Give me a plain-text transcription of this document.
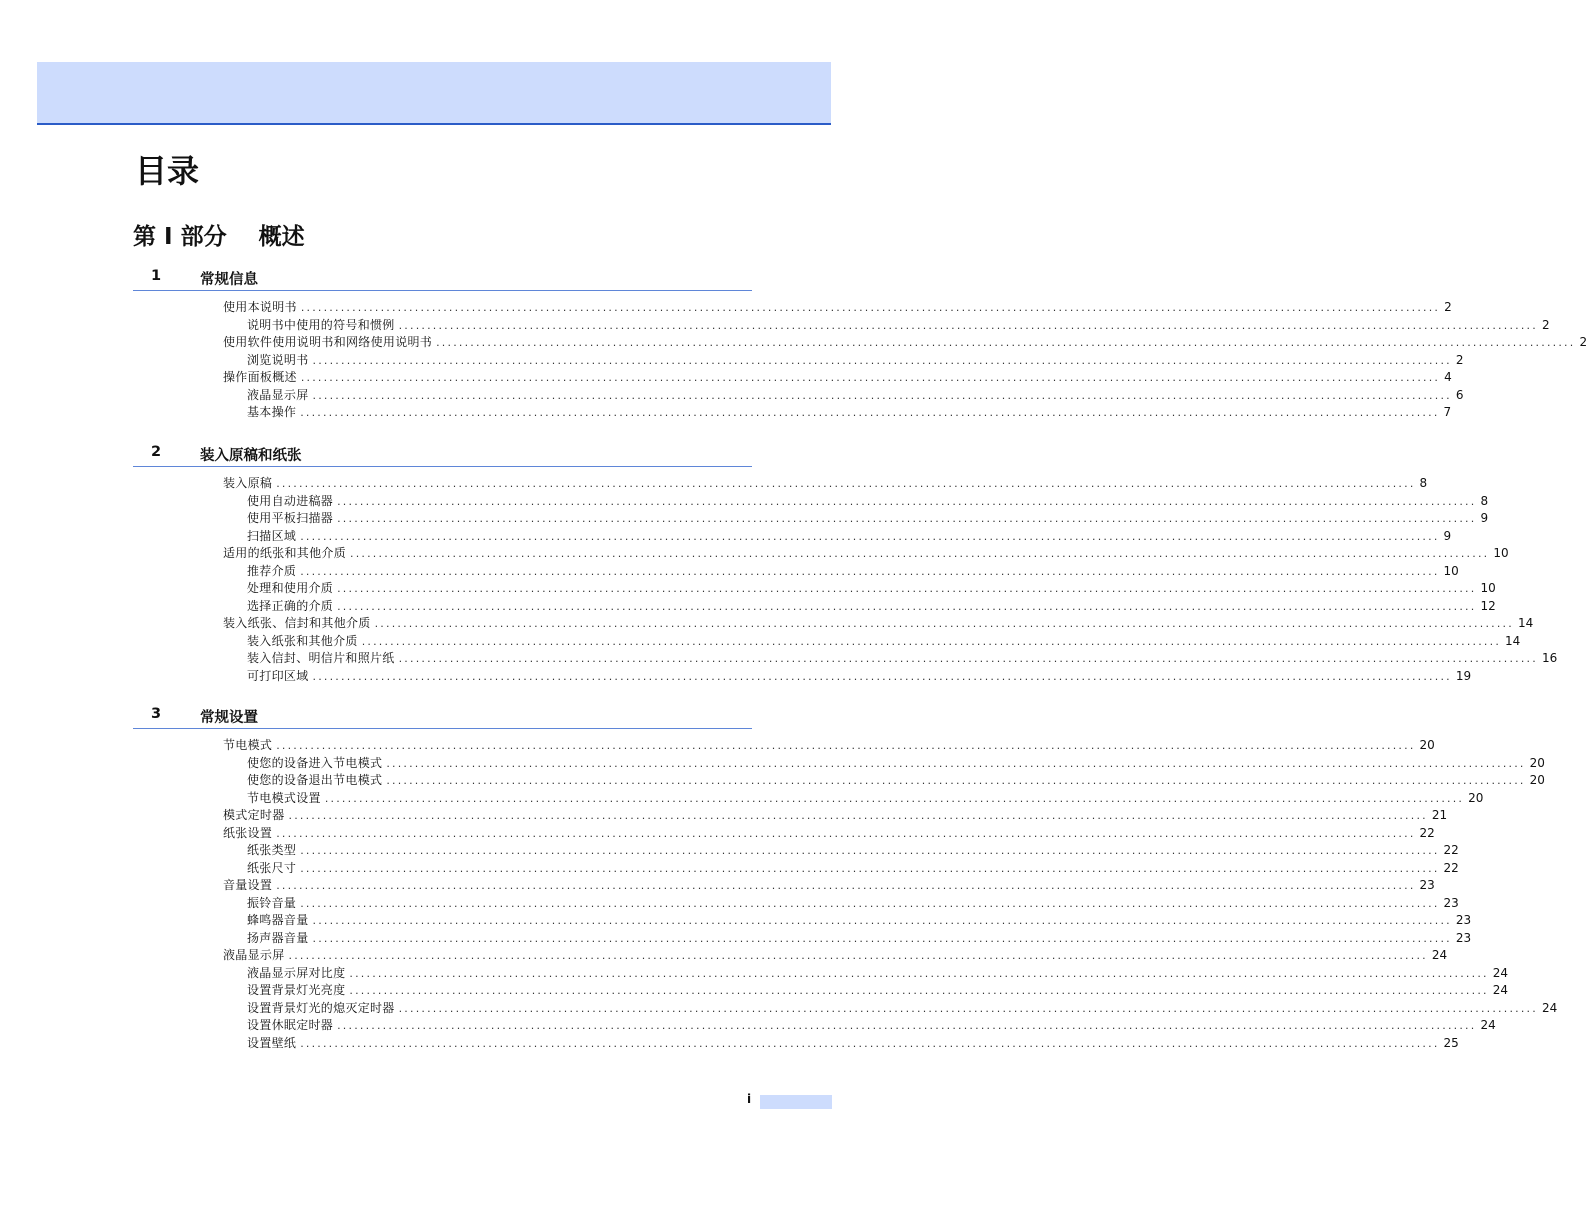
目录
第 I 部分    概述
1	常规信息
使用本说明书 ........................................................................................................................................................................................................ 2
说明书中使用的符号和惯例 ........................................................................................................................................................................................................ 2
使用软件使用说明书和网络使用说明书 ........................................................................................................................................................................................................ 2
浏览说明书 ........................................................................................................................................................................................................ 2
操作面板概述 ........................................................................................................................................................................................................ 4
液晶显示屏 ........................................................................................................................................................................................................ 6
基本操作 ........................................................................................................................................................................................................ 7
2	装入原稿和纸张
装入原稿 ........................................................................................................................................................................................................ 8
使用自动进稿器 ........................................................................................................................................................................................................ 8
使用平板扫描器 ........................................................................................................................................................................................................ 9
扫描区域 ........................................................................................................................................................................................................ 9
适用的纸张和其他介质 ........................................................................................................................................................................................................ 10
推荐介质 ........................................................................................................................................................................................................ 10
处理和使用介质 ........................................................................................................................................................................................................ 10
选择正确的介质 ........................................................................................................................................................................................................ 12
装入纸张、信封和其他介质 ........................................................................................................................................................................................................ 14
装入纸张和其他介质 ........................................................................................................................................................................................................ 14
装入信封、明信片和照片纸 ........................................................................................................................................................................................................ 16
可打印区域 ........................................................................................................................................................................................................ 19
3	常规设置
节电模式 ........................................................................................................................................................................................................ 20
使您的设备进入节电模式 ........................................................................................................................................................................................................ 20
使您的设备退出节电模式 ........................................................................................................................................................................................................ 20
节电模式设置 ........................................................................................................................................................................................................ 20
模式定时器 ........................................................................................................................................................................................................ 21
纸张设置 ........................................................................................................................................................................................................ 22
纸张类型 ........................................................................................................................................................................................................ 22
纸张尺寸 ........................................................................................................................................................................................................ 22
音量设置 ........................................................................................................................................................................................................ 23
振铃音量 ........................................................................................................................................................................................................ 23
蜂鸣器音量 ........................................................................................................................................................................................................ 23
扬声器音量 ........................................................................................................................................................................................................ 23
液晶显示屏 ........................................................................................................................................................................................................ 24
液晶显示屏对比度 ........................................................................................................................................................................................................ 24
设置背景灯光亮度 ........................................................................................................................................................................................................ 24
设置背景灯光的熄灭定时器 ........................................................................................................................................................................................................ 24
设置休眠定时器 ........................................................................................................................................................................................................ 24
设置壁纸 ........................................................................................................................................................................................................ 25
i
